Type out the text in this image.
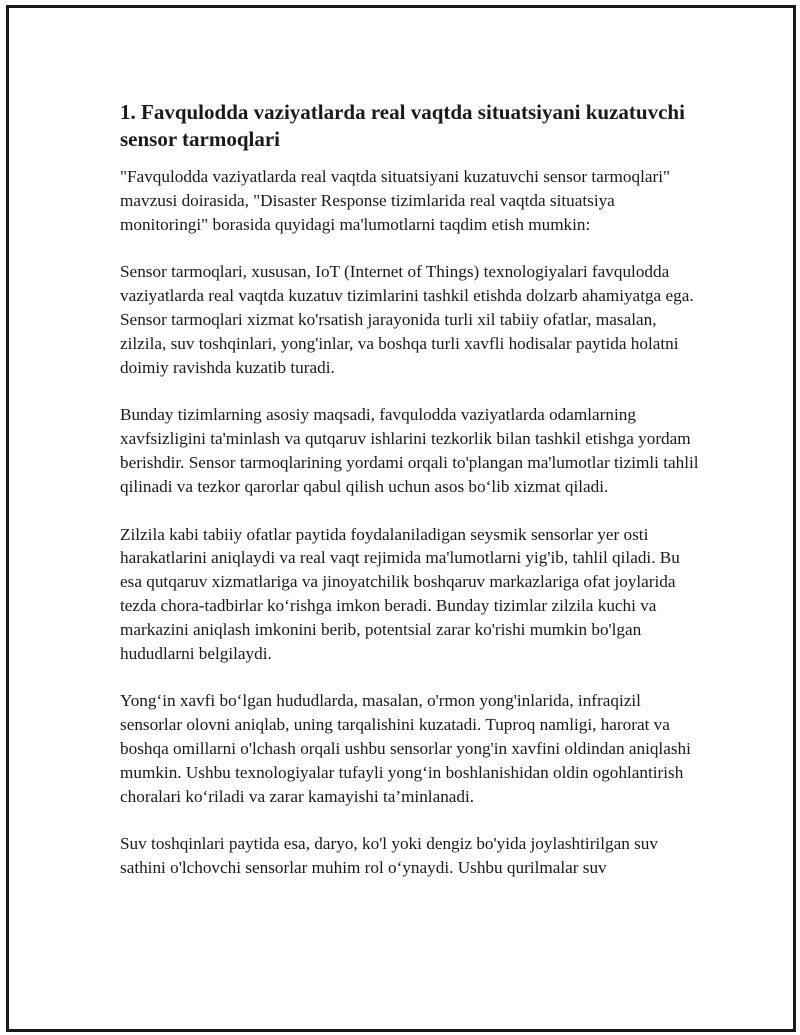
1. Favqulodda vaziyatlarda real vaqtda situatsiyani kuzatuvchi sensor tarmoqlari

"Favqulodda vaziyatlarda real vaqtda situatsiyani kuzatuvchi sensor tarmoqlari" mavzusi doirasida, "Disaster Response tizimlarida real vaqtda situatsiya monitoringi" borasida quyidagi ma'lumotlarni taqdim etish mumkin:

Sensor tarmoqlari, xususan, IoT (Internet of Things) texnologiyalari favqulodda vaziyatlarda real vaqtda kuzatuv tizimlarini tashkil etishda dolzarb ahamiyatga ega. Sensor tarmoqlari xizmat ko'rsatish jarayonida turli xil tabiiy ofatlar, masalan, zilzila, suv toshqinlari, yong'inlar, va boshqa turli xavfli hodisalar paytida holatni doimiy ravishda kuzatib turadi.

Bunday tizimlarning asosiy maqsadi, favqulodda vaziyatlarda odamlarning xavfsizligini ta'minlash va qutqaruv ishlarini tezkorlik bilan tashkil etishga yordam berishdir. Sensor tarmoqlarining yordami orqali to'plangan ma'lumotlar tizimli tahlil qilinadi va tezkor qarorlar qabul qilish uchun asos bo‘lib xizmat qiladi.

Zilzila kabi tabiiy ofatlar paytida foydalaniladigan seysmik sensorlar yer osti harakatlarini aniqlaydi va real vaqt rejimida ma'lumotlarni yig'ib, tahlil qiladi. Bu esa qutqaruv xizmatlariga va jinoyatchilik boshqaruv markazlariga ofat joylarida tezda chora-tadbirlar ko‘rishga imkon beradi. Bunday tizimlar zilzila kuchi va markazini aniqlash imkonini berib, potentsial zarar ko'rishi mumkin bo'lgan hududlarni belgilaydi.

Yong‘in xavfi bo‘lgan hududlarda, masalan, o'rmon yong'inlarida, infraqizil sensorlar olovni aniqlab, uning tarqalishini kuzatadi. Tuproq namligi, harorat va boshqa omillarni o'lchash orqali ushbu sensorlar yong'in xavfini oldindan aniqlashi mumkin. Ushbu texnologiyalar tufayli yong‘in boshlanishidan oldin ogohlantirish choralari ko‘riladi va zarar kamayishi ta’minlanadi.

Suv toshqinlari paytida esa, daryo, ko'l yoki dengiz bo'yida joylashtirilgan suv sathini o'lchovchi sensorlar muhim rol o‘ynaydi. Ushbu qurilmalar suv
